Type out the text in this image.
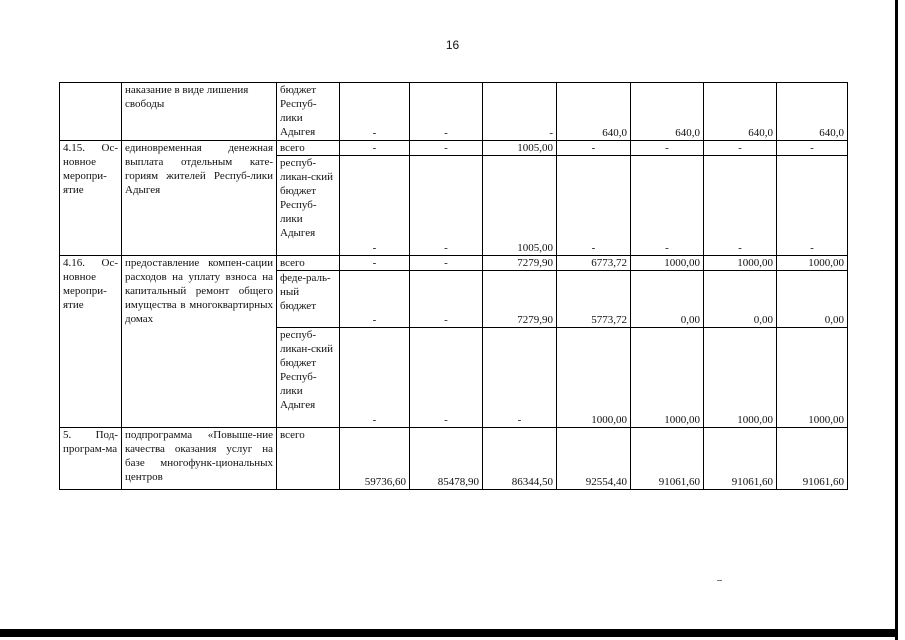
16
	наказание в виде лишения свободы	бюджет Респуб-лики Адыгея	-	-	-	640,0	640,0	640,0	640,0
4.15. Ос-новное меропри-ятие	единовременная денежная выплата отдельным кате-гориям жителей Респуб-лики Адыгея	всего	-	-	1005,00	-	-	-	-
		респуб-ликан-ский бюджет Респуб-лики Адыгея	-	-	1005,00	-	-	-	-
4.16. Ос-новное меропри-ятие	предоставление компен-сации расходов на уплату взноса на капитальный ремонт общего имущества в многоквартирных домах	всего	-	-	7279,90	6773,72	1000,00	1000,00	1000,00
		феде-раль-ный бюджет	-	-	7279,90	5773,72	0,00	0,00	0,00
		респуб-ликан-ский бюджет Респуб-лики Адыгея	-	-	-	1000,00	1000,00	1000,00	1000,00
5. Под-програм-ма	подпрограмма «Повыше-ние качества оказания услуг на базе многофунк-циональных центров	всего	59736,60	85478,90	86344,50	92554,40	91061,60	91061,60	91061,60
